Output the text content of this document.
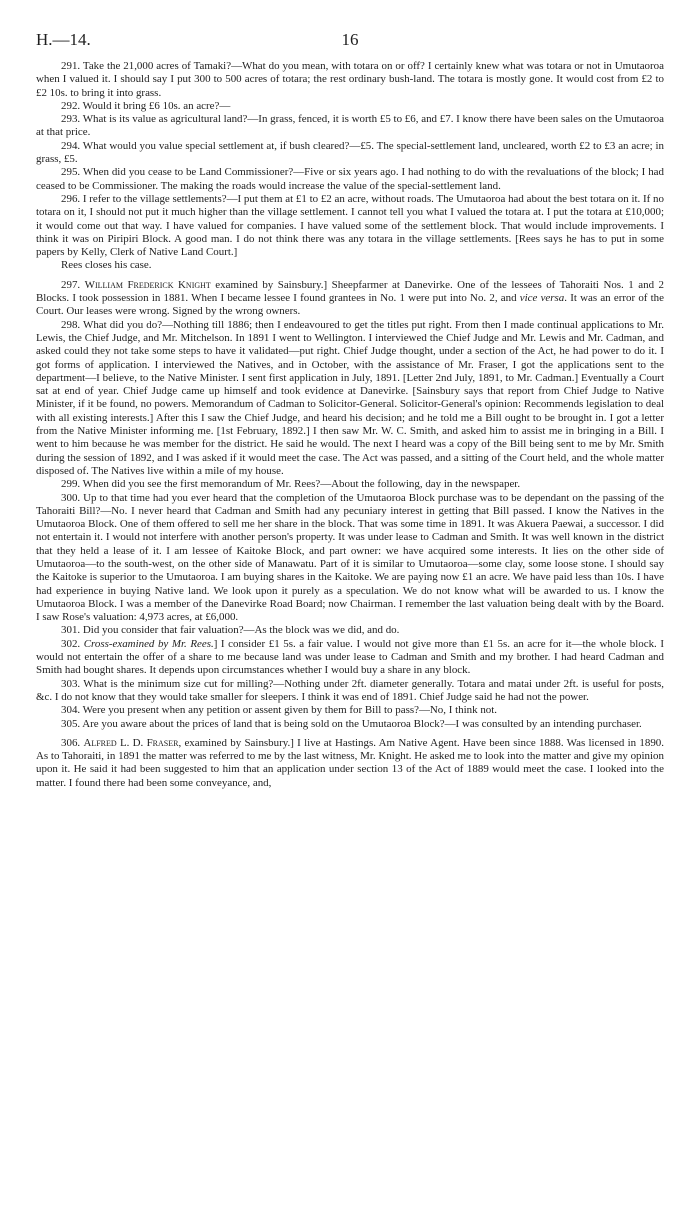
H.—14.	16

291. Take the 21,000 acres of Tamaki?—What do you mean, with totara on or off? I certainly knew what was totara or not in Umutaoroa when I valued it. I should say I put 300 to 500 acres of totara; the rest ordinary bush-land. The totara is mostly gone. It would cost from £2 to £2 10s. to bring it into grass.

292. Would it bring £6 10s. an acre?—

293. What is its value as agricultural land?—In grass, fenced, it is worth £5 to £6, and £7. I know there have been sales on the Umutaoroa at that price.

294. What would you value special settlement at, if bush cleared?—£5. The special-settlement land, uncleared, worth £2 to £3 an acre; in grass, £5.

295. When did you cease to be Land Commissioner?—Five or six years ago. I had nothing to do with the revaluations of the block; I had ceased to be Commissioner. The making the roads would increase the value of the special-settlement land.

296. I refer to the village settlements?—I put them at £1 to £2 an acre, without roads. The Umutaoroa had about the best totara on it. If no totara on it, I should not put it much higher than the village settlement. I cannot tell you what I valued the totara at. I put the totara at £10,000; it would come out that way. I have valued for companies. I have valued some of the settlement block. That would include improvements. I think it was on Piripiri Block. A good man. I do not think there was any totara in the village settlements. [Rees says he has to put in some papers by Kelly, Clerk of Native Land Court.]

Rees closes his case.

297. William Frederick Knight examined by Sainsbury.] Sheepfarmer at Danevirke. One of the lessees of Tahoraiti Nos. 1 and 2 Blocks. I took possession in 1881. When I became lessee I found grantees in No. 1 were put into No. 2, and vice versa. It was an error of the Court. Our leases were wrong. Signed by the wrong owners.

298. What did you do?—Nothing till 1886; then I endeavoured to get the titles put right. From then I made continual applications to Mr. Lewis, the Chief Judge, and Mr. Mitchelson. In 1891 I went to Wellington. I interviewed the Chief Judge and Mr. Lewis and Mr. Cadman, and asked could they not take some steps to have it validated—put right. Chief Judge thought, under a section of the Act, he had power to do it. I got forms of application. I interviewed the Natives, and in October, with the assistance of Mr. Fraser, I got the applications sent to the department—I believe, to the Native Minister. I sent first application in July, 1891. [Letter 2nd July, 1891, to Mr. Cadman.] Eventually a Court sat at end of year. Chief Judge came up himself and took evidence at Danevirke. [Sainsbury says that report from Chief Judge to Native Minister, if it be found, no powers. Memorandum of Cadman to Solicitor-General. Solicitor-General's opinion: Recommends legislation to deal with all existing interests.] After this I saw the Chief Judge, and heard his decision; and he told me a Bill ought to be brought in. I got a letter from the Native Minister informing me. [1st February, 1892.] I then saw Mr. W. C. Smith, and asked him to assist me in bringing in a Bill. I went to him because he was member for the district. He said he would. The next I heard was a copy of the Bill being sent to me by Mr. Smith during the session of 1892, and I was asked if it would meet the case. The Act was passed, and a sitting of the Court held, and the whole matter disposed of. The Natives live within a mile of my house.

299. When did you see the first memorandum of Mr. Rees?—About the following, day in the newspaper.

300. Up to that time had you ever heard that the completion of the Umutaoroa Block purchase was to be dependant on the passing of the Tahoraiti Bill?—No. I never heard that Cadman and Smith had any pecuniary interest in getting that Bill passed. I know the Natives in the Umutaoroa Block. One of them offered to sell me her share in the block. That was some time in 1891. It was Akuera Paewai, a successor. I did not entertain it. I would not interfere with another person's property. It was under lease to Cadman and Smith. It was well known in the district that they held a lease of it. I am lessee of Kaitoke Block, and part owner: we have acquired some interests. It lies on the other side of Umutaoroa—to the south-west, on the other side of Manawatu. Part of it is similar to Umutaoroa—some clay, some loose stone. I should say the Kaitoke is superior to the Umutaoroa. I am buying shares in the Kaitoke. We are paying now £1 an acre. We have paid less than 10s. I have had experience in buying Native land. We look upon it purely as a speculation. We do not know what will be awarded to us. I know the Umutaoroa Block. I was a member of the Danevirke Road Board; now Chairman. I remember the last valuation being dealt with by the Board. I saw Rose's valuation: 4,973 acres, at £6,000.

301. Did you consider that fair valuation?—As the block was we did, and do.

302. Cross-examined by Mr. Rees.] I consider £1 5s. a fair value. I would not give more than £1 5s. an acre for it—the whole block. I would not entertain the offer of a share to me because land was under lease to Cadman and Smith and my brother. I had heard Cadman and Smith had bought shares. It depends upon circumstances whether I would buy a share in any block.

303. What is the minimum size cut for milling?—Nothing under 2ft. diameter generally. Totara and matai under 2ft. is useful for posts, &c. I do not know that they would take smaller for sleepers. I think it was end of 1891. Chief Judge said he had not the power.

304. Were you present when any petition or assent given by them for Bill to pass?—No, I think not.

305. Are you aware about the prices of land that is being sold on the Umutaoroa Block?—I was consulted by an intending purchaser.

306. Alfred L. D. Fraser, examined by Sainsbury.] I live at Hastings. Am Native Agent. Have been since 1888. Was licensed in 1890. As to Tahoraiti, in 1891 the matter was referred to me by the last witness, Mr. Knight. He asked me to look into the matter and give my opinion upon it. He said it had been suggested to him that an application under section 13 of the Act of 1889 would meet the case. I looked into the matter. I found there had been some conveyance, and,
